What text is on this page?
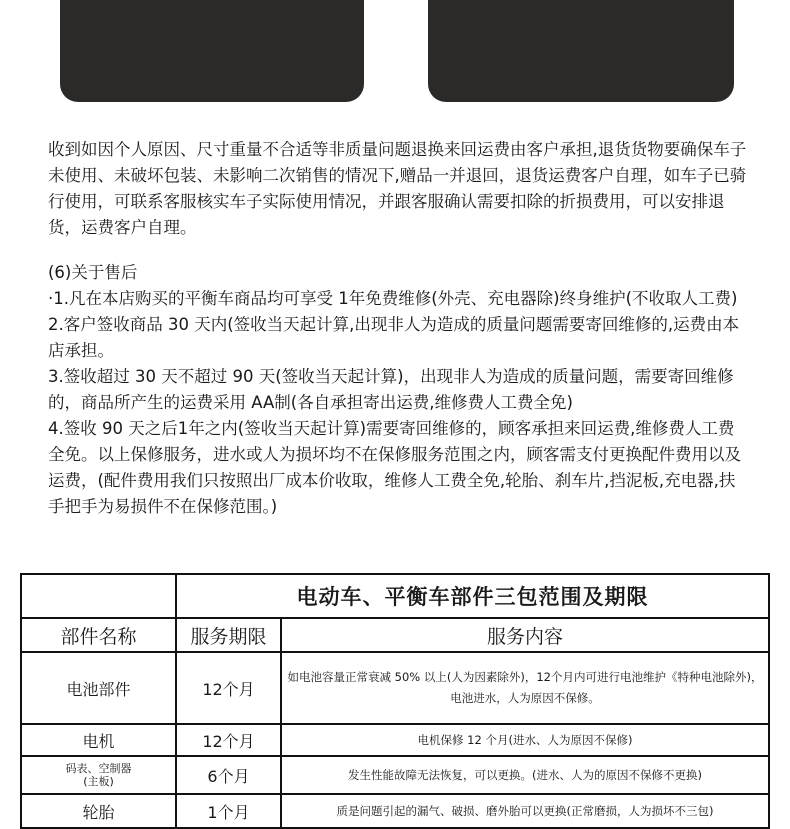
收到如因个人原因、尺寸重量不合适等非质量问题退换来回运费由客户承担,退货货物要确保车子未使用、未破坏包装、未影响二次销售的情况下,赠品一并退回，退货运费客户自理，如车子已骑行使用，可联系客服核实车子实际使用情况，并跟客服确认需要扣除的折损费用，可以安排退货，运费客户自理。

(6)关于售后

·1.凡在本店购买的平衡车商品均可享受 1年免费维修(外壳、充电器除)终身维护(不收取人工费)

2.客户签收商品 30 天内(签收当天起计算,出现非人为造成的质量问题需要寄回维修的,运费由本店承担。

3.签收超过 30 天不超过 90 天(签收当天起计算)，出现非人为造成的质量问题，需要寄回维修的，商品所产生的运费采用 AA制(各自承担寄出运费,维修费人工费全免)

4.签收 90 天之后1年之内(签收当天起计算)需要寄回维修的，顾客承担来回运费,维修费人工费全免。以上保修服务，进水或人为损坏均不在保修服务范围之内，顾客需支付更换配件费用以及运费，(配件费用我们只按照出厂成本价收取，维修人工费全免,轮胎、刹车片,挡泥板,充电器,扶手把手为易损件不在保修范围。)

	电动车、平衡车部件三包范围及期限	
部件名称	服务期限	服务内容
电池部件	12个月	如电池容量正常衰减 50% 以上(人为因素除外)，12个月内可进行电池维护《特种电池除外)，电池进水，人为原因不保修。
电机	12个月	电机保修 12 个月(进水、人为原因不保修)
码表、空制器
(主板)	6个月	发生性能故障无法恢复，可以更换。(进水、人为的原因不保修不更换)
轮胎	1个月	质是问题引起的漏气、破损、磨外胎可以更换(正常磨损，人为损坏不三包)
